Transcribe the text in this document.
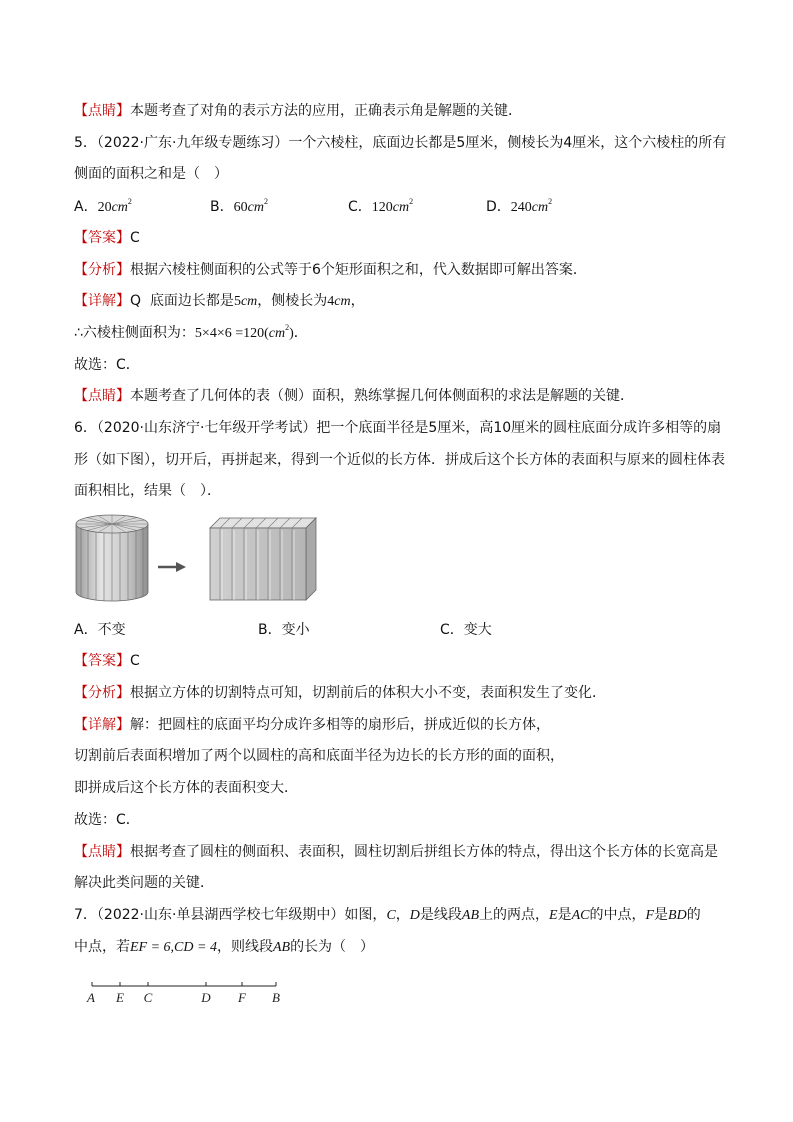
【点睛】本题考查了对角的表示方法的应用，正确表示角是解题的关键．
5．（2022·广东·九年级专题练习）一个六棱柱，底面边长都是5厘米，侧棱长为4厘米，这个六棱柱的所有
侧面的面积之和是（　）
A．$20cm^2$	B．$60cm^2$	C．$120cm^2$	D．$240cm^2$
【答案】C
【分析】根据六棱柱侧面积的公式等于6个矩形面积之和，代入数据即可解出答案．
【详解】Q 底面边长都是5cm，侧棱长为4cm，
∴六棱柱侧面积为：$5\times 4\times 6 =120(cm^2)$．
故选：C．
【点睛】本题考查了几何体的表（侧）面积，熟练掌握几何体侧面积的求法是解题的关键．
6．（2020·山东济宁·七年级开学考试）把一个底面半径是5厘米，高10厘米的圆柱底面分成许多相等的扇
形（如下图），切开后，再拼起来，得到一个近似的长方体．拼成后这个长方体的表面积与原来的圆柱体表
面积相比，结果（　）．
A．不变	B．变小	C．变大
【答案】C
【分析】根据立方体的切割特点可知，切割前后的体积大小不变，表面积发生了变化．
【详解】解：把圆柱的底面平均分成许多相等的扇形后，拼成近似的长方体，
切割前后表面积增加了两个以圆柱的高和底面半径为边长的长方形的面的面积，
即拼成后这个长方体的表面积变大．
故选：C．
【点睛】根据考查了圆柱的侧面积、表面积，圆柱切割后拼组长方体的特点，得出这个长方体的长宽高是
解决此类问题的关键．
7．（2022·山东·单县湖西学校七年级期中）如图，C，D是线段AB上的两点，E是AC的中点，F是BD的
中点，若EF = 6,CD = 4，则线段AB的长为（　）
A E C	D F B
